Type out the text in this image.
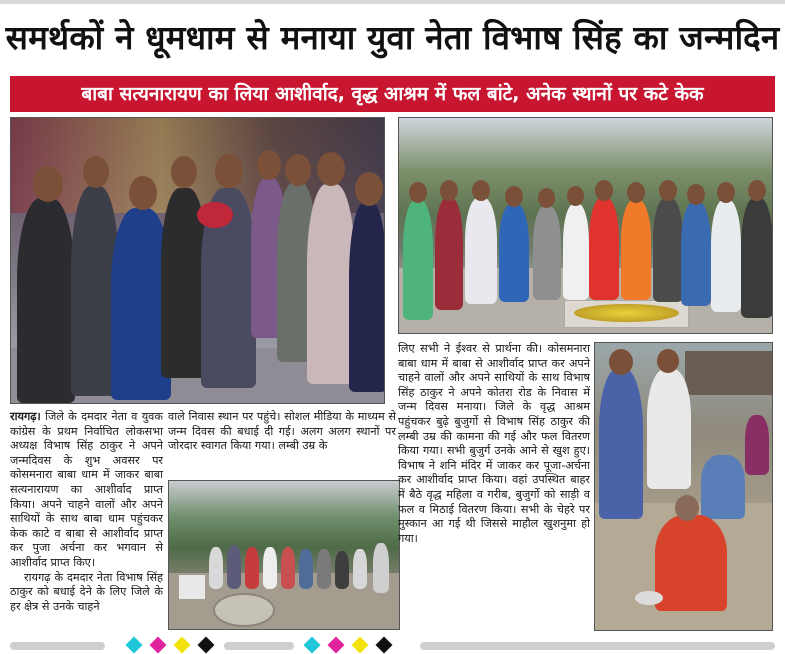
समर्थकों ने धूमधाम से मनाया युवा नेता विभाष सिंह का जन्मदिन
बाबा सत्यनारायण का लिया आशीर्वाद, वृद्ध आश्रम में फल बांटे, अनेक स्थानों पर कटे केक
रायगढ़। जिले के दमदार नेता व युवक कांग्रेस के प्रथम निर्वाचित लोकसभा अध्यक्ष विभाष सिंह ठाकुर ने अपने जन्मदिवस के शुभ अवसर पर कोसमनारा बाबा धाम में जाकर बाबा सत्यनारायण का आशीर्वाद प्राप्त किया। अपने चाहने वालों और अपने साथियों के साथ बाबा धाम पहुंचकर केक काटे व बाबा से आशीर्वाद प्राप्त कर पुजा अर्चना कर भगवान से आशीर्वाद प्राप्त किए।
रायगढ़ के दमदार नेता विभाष सिंह ठाकुर को बधाई देने के लिए जिले के हर क्षेत्र से उनके चाहने
वाले निवास स्थान पर पहुंचे। सोशल मीडिया के माध्यम से जन्म दिवस की बधाई दी गई। अलग अलग स्थानों पर जोरदार स्वागत किया गया। लम्बी उम्र के
लिए सभी ने ईश्वर से प्रार्थना की। कोसमनारा बाबा धाम में बाबा से आशीर्वाद प्राप्त कर अपने चाहने वालों और अपने साथियों के साथ विभाष सिंह ठाकुर ने अपने कोतरा रोड के निवास में जन्म दिवस मनाया। जिले के वृद्ध आश्रम पहुंचकर बुढ़े बुजुर्गो से विभाष सिंह ठाकुर की लम्बी उम्र की कामना की गई और फल वितरण किया गया। सभी बुजुर्ग उनके आने से खुश हुए। विभाष ने शनि मंदिर में जाकर कर पूजा-अर्चना कर आशीर्वाद प्राप्त किया। वहां उपस्थित बाहर में बैठे वृद्ध महिला व गरीब, बुजुर्गो को साड़ी व फल व मिठाई वितरण किया। सभी के चेहरे पर मुस्कान आ गई थी जिससे माहौल खुशनुमा हो गया।
